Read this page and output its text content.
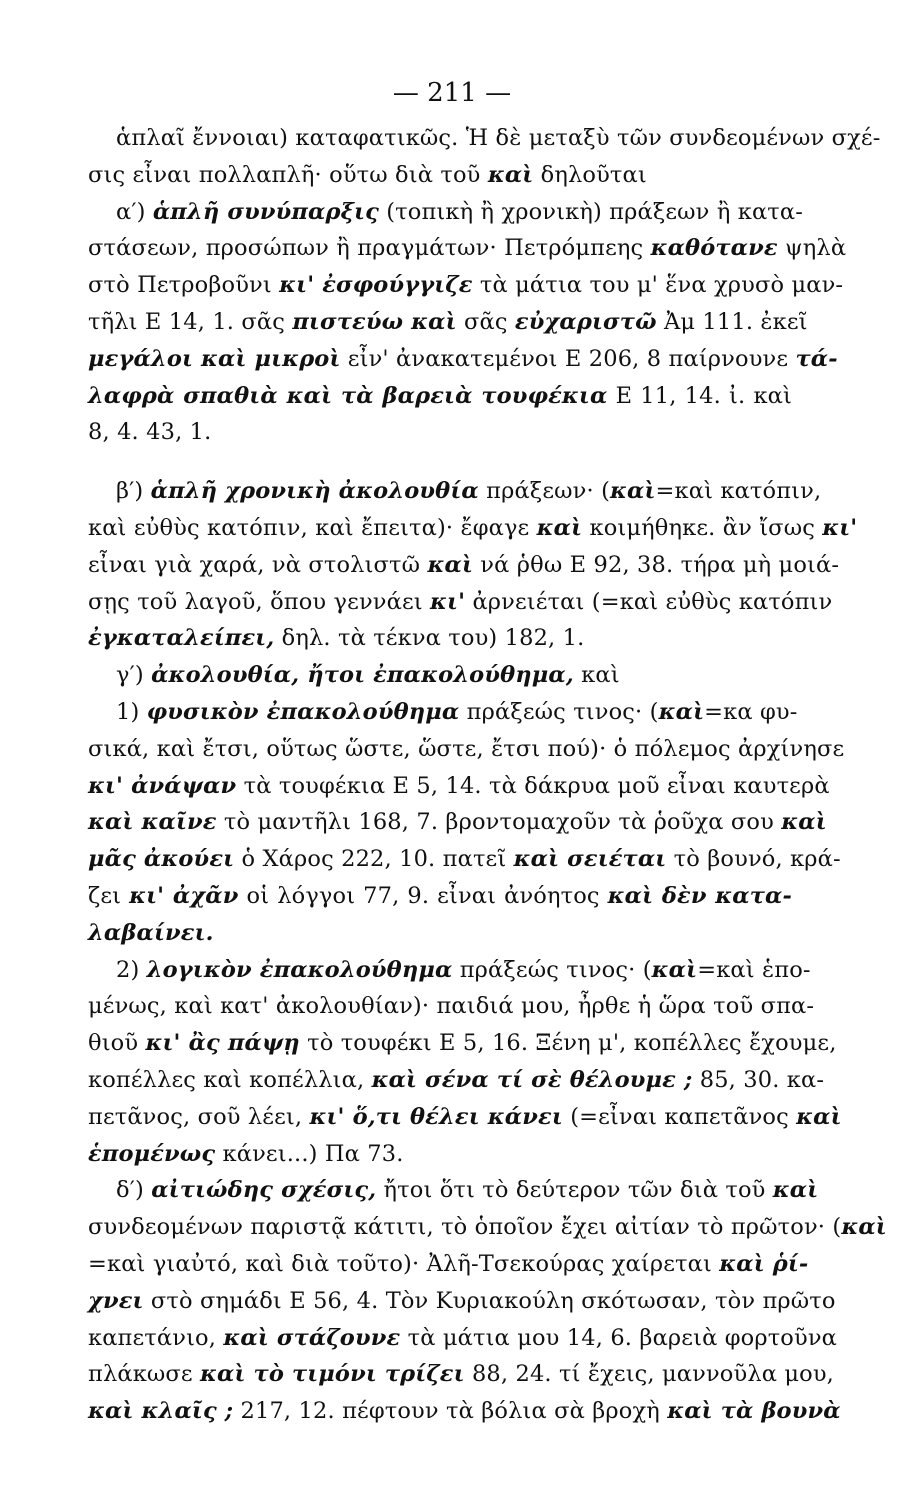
— 211 —
ἁπλαῖ ἔννοιαι) καταφατικῶς. Ἡ δὲ μεταξὺ τῶν συνδεομένων σχέ-
σις εἶναι πολλαπλῆ· οὕτω διὰ τοῦ καὶ δηλοῦται
α′) ἁπλῆ συνύπαρξις (τοπικὴ ἢ χρονικὴ) πράξεων ἢ κατα-
στάσεων, προσώπων ἢ πραγμάτων· Πετρόμπεης καθότανε ψηλὰ
στὸ Πετροβοῦνι κι' ἐσφούγγιζε τὰ μάτια του μ' ἕνα χρυσὸ μαν-
τῆλι Ε 14, 1. σᾶς πιστεύω καὶ σᾶς εὐχαριστῶ Ἀμ 111. ἐκεῖ
μεγάλοι καὶ μικροὶ εἶν' ἀνακατεμένοι Ε 206, 8 παίρνουνε τά-
λαφρὰ σπαθιὰ καὶ τὰ βαρειὰ τουφέκια Ε 11, 14. ἰ. καὶ
8, 4. 43, 1.
β′) ἁπλῆ χρονικὴ ἀκολουθία πράξεων· (καὶ=καὶ κατόπιν,
καὶ εὐθὺς κατόπιν, καὶ ἔπειτα)· ἔφαγε καὶ κοιμήθηκε. ἂν ἴσως κι'
εἶναι γιὰ χαρά, νὰ στολιστῶ καὶ νά ῥθω Ε 92, 38. τήρα μὴ μοιά-
σῃς τοῦ λαγοῦ, ὅπου γεννάει κι' ἀρνειέται (=καὶ εὐθὺς κατόπιν
ἐγκαταλείπει, δηλ. τὰ τέκνα του) 182, 1.
γ′) ἀκολουθία, ἤτοι ἐπακολούθημα, καὶ
1) φυσικὸν ἐπακολούθημα πράξεώς τινος· (καὶ=κα φυ-
σικά, καὶ ἔτσι, οὕτως ὥστε, ὥστε, ἔτσι πού)· ὁ πόλεμος ἀρχίνησε
κι' ἀνάψαν τὰ τουφέκια Ε 5, 14. τὰ δάκρυα μοῦ εἶναι καυτερὰ
καὶ καῖνε τὸ μαντῆλι 168, 7. βροντομαχοῦν τὰ ῥοῦχα σου καὶ
μᾶς ἀκούει ὁ Χάρος 222, 10. πατεῖ καὶ σειέται τὸ βουνό, κρά-
ζει κι' ἀχᾶν οἱ λόγγοι 77, 9. εἶναι ἀνόητος καὶ δὲν κατα-
λαβαίνει.
2) λογικὸν ἐπακολούθημα πράξεώς τινος· (καὶ=καὶ ἑπο-
μένως, καὶ κατ' ἀκολουθίαν)· παιδιά μου, ἦρθε ἡ ὥρα τοῦ σπα-
θιοῦ κι' ἂς πάψῃ τὸ τουφέκι Ε 5, 16. Ξένη μ', κοπέλλες ἔχουμε,
κοπέλλες καὶ κοπέλλια, καὶ σένα τί σὲ θέλουμε ; 85, 30. κα-
πετᾶνος, σοῦ λέει, κι' ὅ,τι θέλει κάνει (=εἶναι καπετᾶνος καὶ
ἑπομένως κάνει...) Πα 73.
δ′) αἰτιώδης σχέσις, ἤτοι ὅτι τὸ δεύτερον τῶν διὰ τοῦ καὶ
συνδεομένων παριστᾷ κάτιτι, τὸ ὁποῖον ἔχει αἰτίαν τὸ πρῶτον· (καὶ
=καὶ γιαὐτό, καὶ διὰ τοῦτο)· Ἀλῆ-Τσεκούρας χαίρεται καὶ ῥί-
χνει στὸ σημάδι Ε 56, 4. Τὸν Κυριακούλη σκότωσαν, τὸν πρῶτο
καπετάνιο, καὶ στάζουνε τὰ μάτια μου 14, 6. βαρειὰ φορτοῦνα
πλάκωσε καὶ τὸ τιμόνι τρίζει 88, 24. τί ἔχεις, μαννοῦλα μου,
καὶ κλαῖς ; 217, 12. πέφτουν τὰ βόλια σὰ βροχὴ καὶ τὰ βουνὰ
